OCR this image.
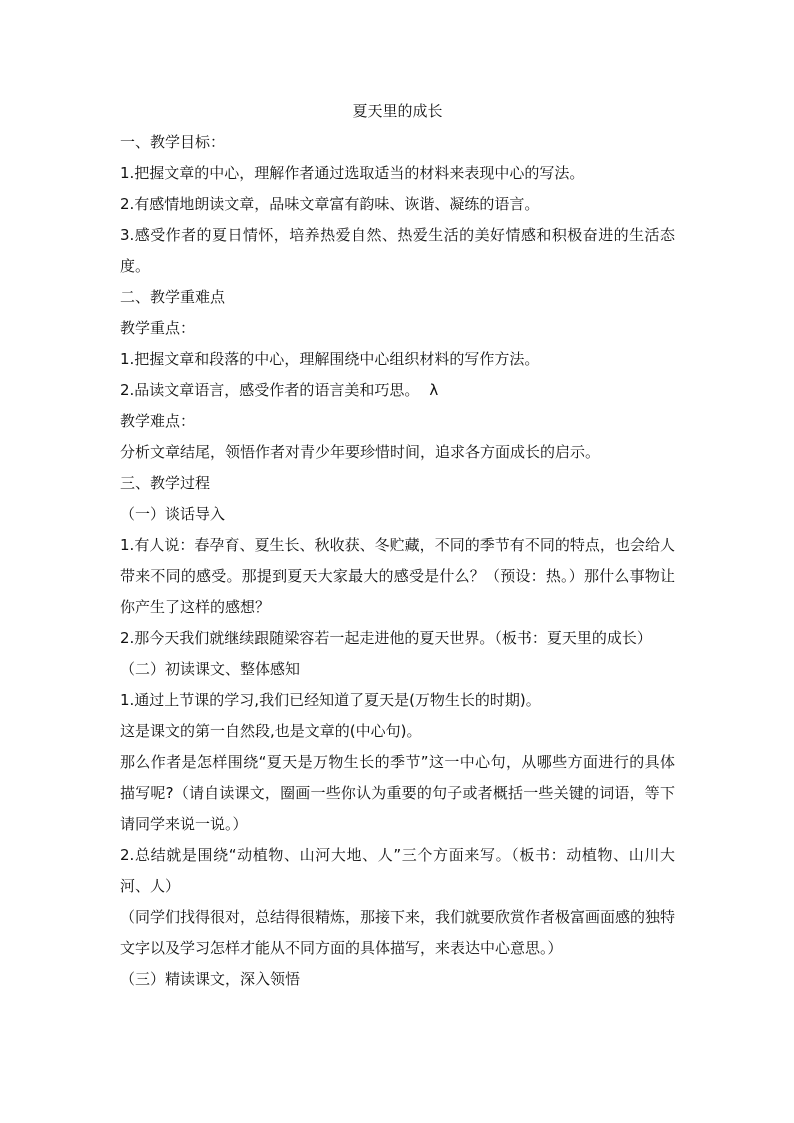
夏天里的成长

一、教学目标：

1.把握文章的中心，理解作者通过选取适当的材料来表现中心的写法。

2.有感情地朗读文章，品味文章富有韵味、诙谐、凝练的语言。

3.感受作者的夏日情怀，培养热爱自然、热爱生活的美好情感和积极奋进的生活态度。

二、教学重难点

教学重点：

1.把握文章和段落的中心，理解围绕中心组织材料的写作方法。

2.品读文章语言，感受作者的语言美和巧思。 λ

教学难点：

分析文章结尾，领悟作者对青少年要珍惜时间，追求各方面成长的启示。

三、教学过程

（一）谈话导入

1.有人说：春孕育、夏生长、秋收获、冬贮藏，不同的季节有不同的特点，也会给人带来不同的感受。那提到夏天大家最大的感受是什么？（预设：热。）那什么事物让你产生了这样的感想？

2.那今天我们就继续跟随梁容若一起走进他的夏天世界。（板书：夏天里的成长）

（二）初读课文、整体感知

1.通过上节课的学习,我们已经知道了夏天是(万物生长的时期)。

这是课文的第一自然段,也是文章的(中心句)。

那么作者是怎样围绕“夏天是万物生长的季节”这一中心句，从哪些方面进行的具体描写呢?（请自读课文，圈画一些你认为重要的句子或者概括一些关键的词语，等下请同学来说一说。）

2.总结就是围绕“动植物、山河大地、人”三个方面来写。（板书：动植物、山川大河、人）

（同学们找得很对，总结得很精炼，那接下来，我们就要欣赏作者极富画面感的独特文字以及学习怎样才能从不同方面的具体描写，来表达中心意思。）

（三）精读课文，深入领悟
